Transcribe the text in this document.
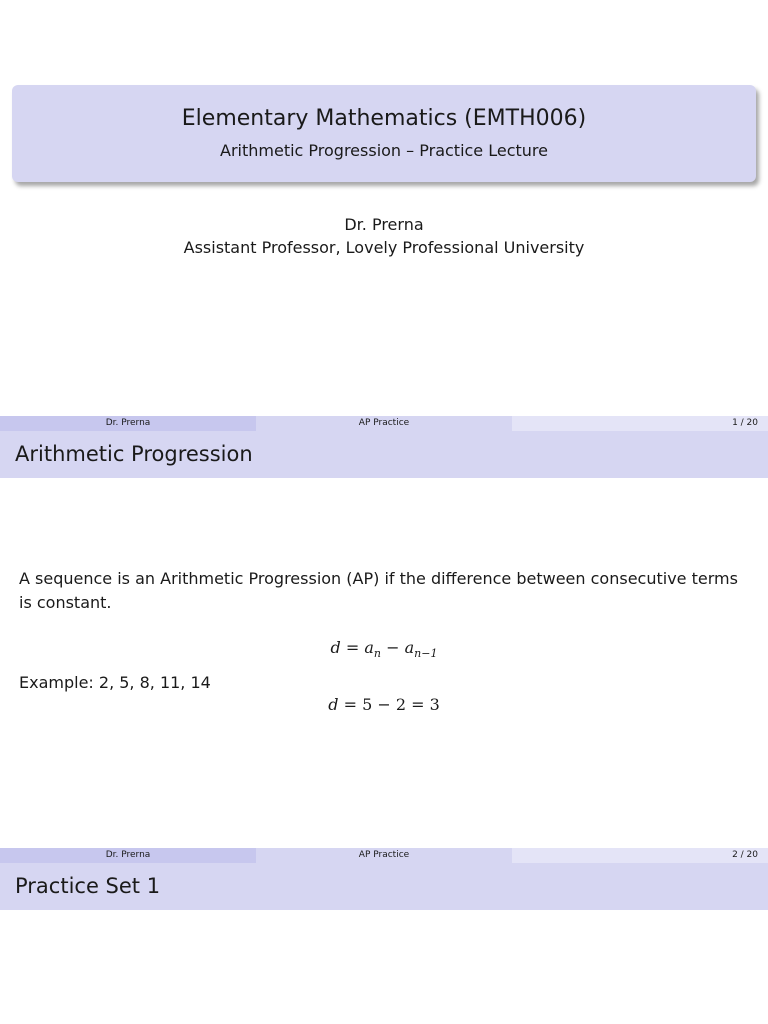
Elementary Mathematics (EMTH006)
Arithmetic Progression – Practice Lecture
Dr. Prerna
Assistant Professor, Lovely Professional University
Dr. Prerna	AP Practice	1 / 20
Arithmetic Progression
A sequence is an Arithmetic Progression (AP) if the difference between consecutive terms is constant.
$d = a_n - a_{n-1}$
Example: 2, 5, 8, 11, 14
d = 5 − 2 = 3
Dr. Prerna	AP Practice	2 / 20
Practice Set 1
